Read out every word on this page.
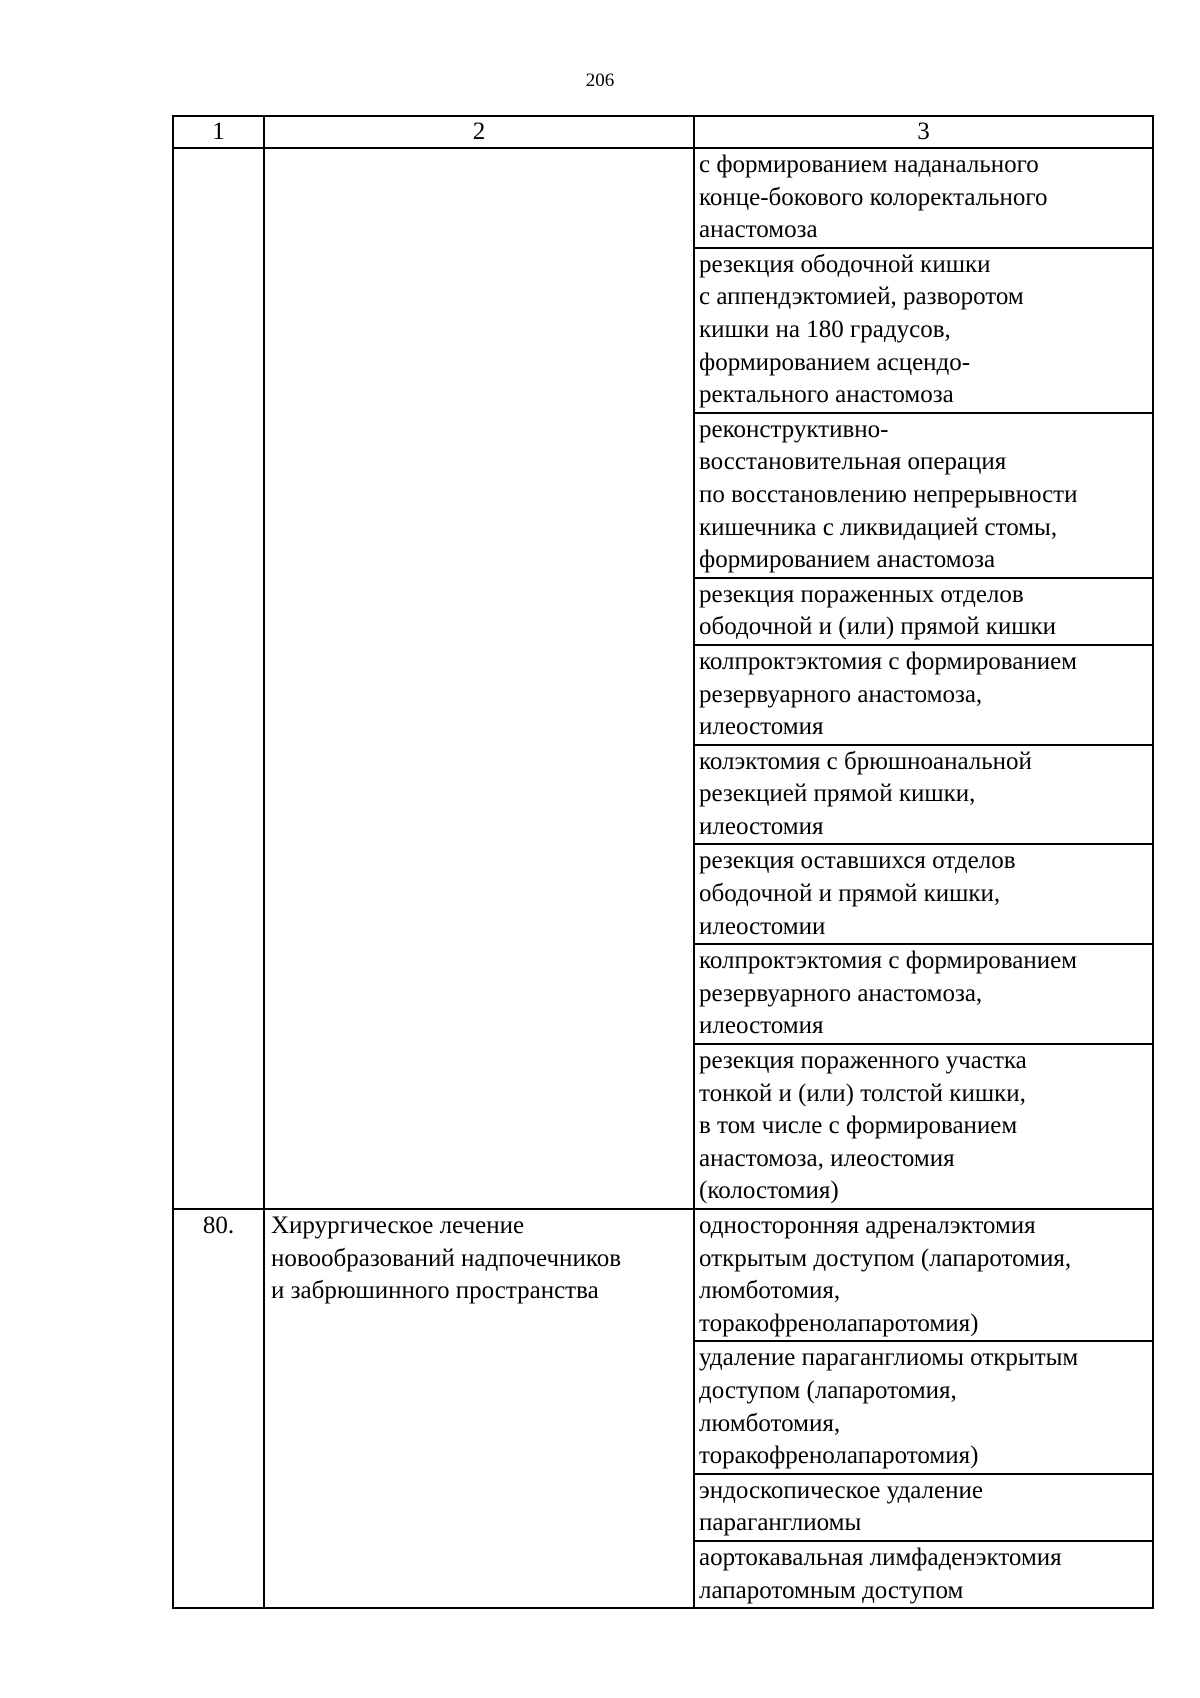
206
1	2	3

		с формированием наданального
конце-бокового колоректального
анастомоза

		резекция ободочной кишки
с аппендэктомией, разворотом
кишки на 180 градусов,
формированием асцендо-
ректального анастомоза

		реконструктивно-
восстановительная операция
по восстановлению непрерывности
кишечника с ликвидацией стомы,
формированием анастомоза

		резекция пораженных отделов
ободочной и (или) прямой кишки

		колпроктэктомия с формированием
резервуарного анастомоза,
илеостомия

		колэктомия с брюшноанальной
резекцией прямой кишки,
илеостомия

		резекция оставшихся отделов
ободочной и прямой кишки,
илеостомии

		колпроктэктомия с формированием
резервуарного анастомоза,
илеостомия

		резекция пораженного участка
тонкой и (или) толстой кишки,
в том числе с формированием
анастомоза, илеостомия
(колостомия)

80.	Хирургическое лечение
новообразований надпочечников
и забрюшинного пространства	односторонняя адреналэктомия
открытым доступом (лапаротомия,
люмботомия,
торакофренолапаротомия)

		удаление параганглиомы открытым
доступом (лапаротомия,
люмботомия,
торакофренолапаротомия)

		эндоскопическое удаление
параганглиомы

		аортокавальная лимфаденэктомия
лапаротомным доступом
